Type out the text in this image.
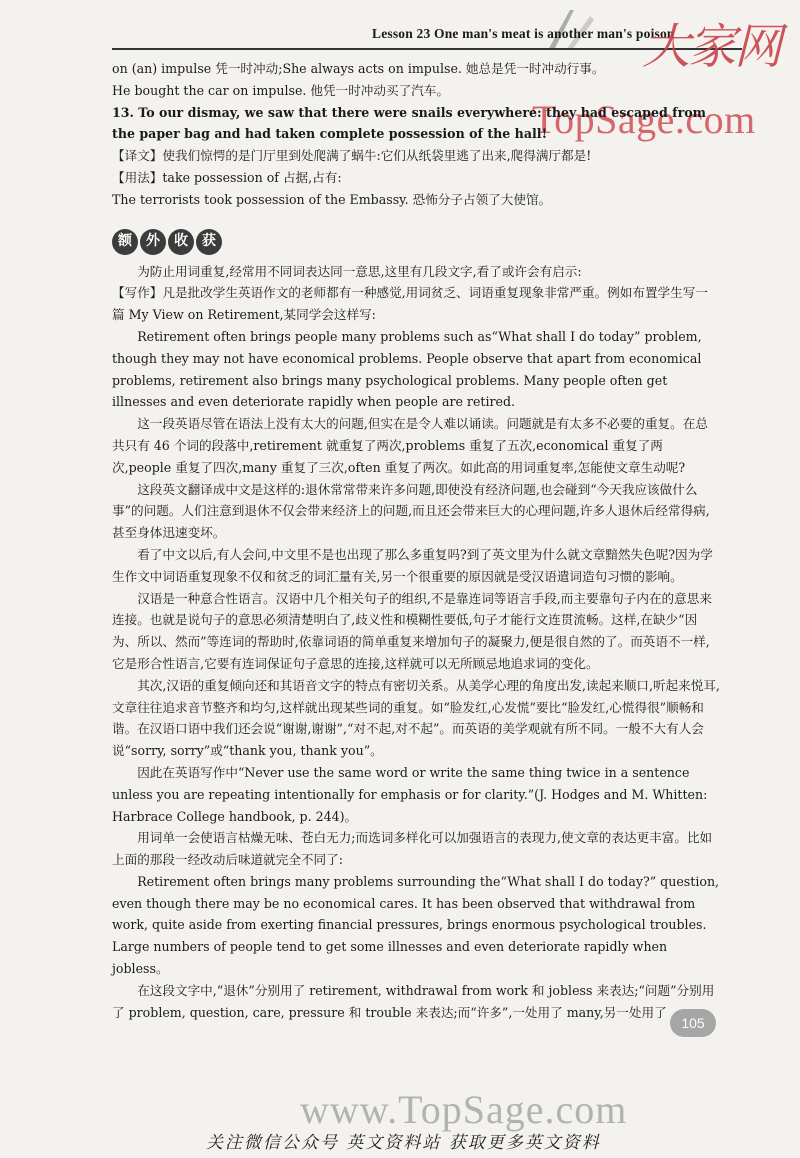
Lesson 23 One man's meat is another man's poison
大家网
TopSage.com

on (an) impulse 凭一时冲动;She always acts on impulse. 她总是凭一时冲动行事。

He bought the car on impulse. 他凭一时冲动买了汽车。

13. To our dismay, we saw that there were snails everywhere: they had escaped from the paper bag and had taken complete possession of the hall!

【译文】使我们惊愕的是门厅里到处爬满了蜗牛:它们从纸袋里逃了出来,爬得满厅都是!

【用法】take possession of 占据,占有:

The terrorists took possession of the Embassy. 恐怖分子占领了大使馆。

额	外	收	获

为防止用词重复,经常用不同词表达同一意思,这里有几段文字,看了或许会有启示:

【写作】凡是批改学生英语作文的老师都有一种感觉,用词贫乏、词语重复现象非常严重。例如布置学生写一篇 My View on Retirement,某同学会这样写:

Retirement often brings people many problems such as“What shall I do today” problem, though they may not have economical problems. People observe that apart from economical problems, retirement also brings many psychological problems. Many people often get illnesses and even deteriorate rapidly when people are retired.

这一段英语尽管在语法上没有太大的问题,但实在是令人难以诵读。问题就是有太多不必要的重复。在总共只有 46 个词的段落中,retirement 就重复了两次,problems 重复了五次,economical 重复了两次,people 重复了四次,many 重复了三次,often 重复了两次。如此高的用词重复率,怎能使文章生动呢?

这段英文翻译成中文是这样的:退休常常带来许多问题,即使没有经济问题,也会碰到“今天我应该做什么事”的问题。人们注意到退休不仅会带来经济上的问题,而且还会带来巨大的心理问题,许多人退休后经常得病,甚至身体迅速变坏。

看了中文以后,有人会问,中文里不是也出现了那么多重复吗?到了英文里为什么就文章黯然失色呢?因为学生作文中词语重复现象不仅和贫乏的词汇量有关,另一个很重要的原因就是受汉语遣词造句习惯的影响。

汉语是一种意合性语言。汉语中几个相关句子的组织,不是靠连词等语言手段,而主要靠句子内在的意思来连接。也就是说句子的意思必须清楚明白了,歧义性和模糊性要低,句子才能行文连贯流畅。这样,在缺少“因为、所以、然而”等连词的帮助时,依靠词语的简单重复来增加句子的凝聚力,便是很自然的了。而英语不一样,它是形合性语言,它要有连词保证句子意思的连接,这样就可以无所顾忌地追求词的变化。

其次,汉语的重复倾向还和其语音文字的特点有密切关系。从美学心理的角度出发,读起来顺口,听起来悦耳,文章往往追求音节整齐和均匀,这样就出现某些词的重复。如“脸发红,心发慌”要比“脸发红,心慌得很”顺畅和谐。在汉语口语中我们还会说“谢谢,谢谢”,“对不起,对不起”。而英语的美学观就有所不同。一般不大有人会说“sorry, sorry”或“thank you, thank you”。

因此在英语写作中“Never use the same word or write the same thing twice in a sentence unless you are repeating intentionally for emphasis or for clarity.”(J. Hodges and M. Whitten: Harbrace College handbook, p. 244)。

用词单一会使语言枯燥无味、苍白无力;而选词多样化可以加强语言的表现力,使文章的表达更丰富。比如上面的那段一经改动后味道就完全不同了:

Retirement often brings many problems surrounding the“What shall I do today?” question, even though there may be no economical cares. It has been observed that withdrawal from work, quite aside from exerting financial pressures, brings enormous psychological troubles. Large numbers of people tend to get some illnesses and even deteriorate rapidly when jobless。

在这段文字中,“退休”分别用了 retirement, withdrawal from work 和 jobless 来表达;“问题”分别用了 problem, question, care, pressure 和 trouble 来表达;而“许多”,一处用了 many,另一处用了

105
www.TopSage.com
关注微信公众号 英文资料站 获取更多英文资料
